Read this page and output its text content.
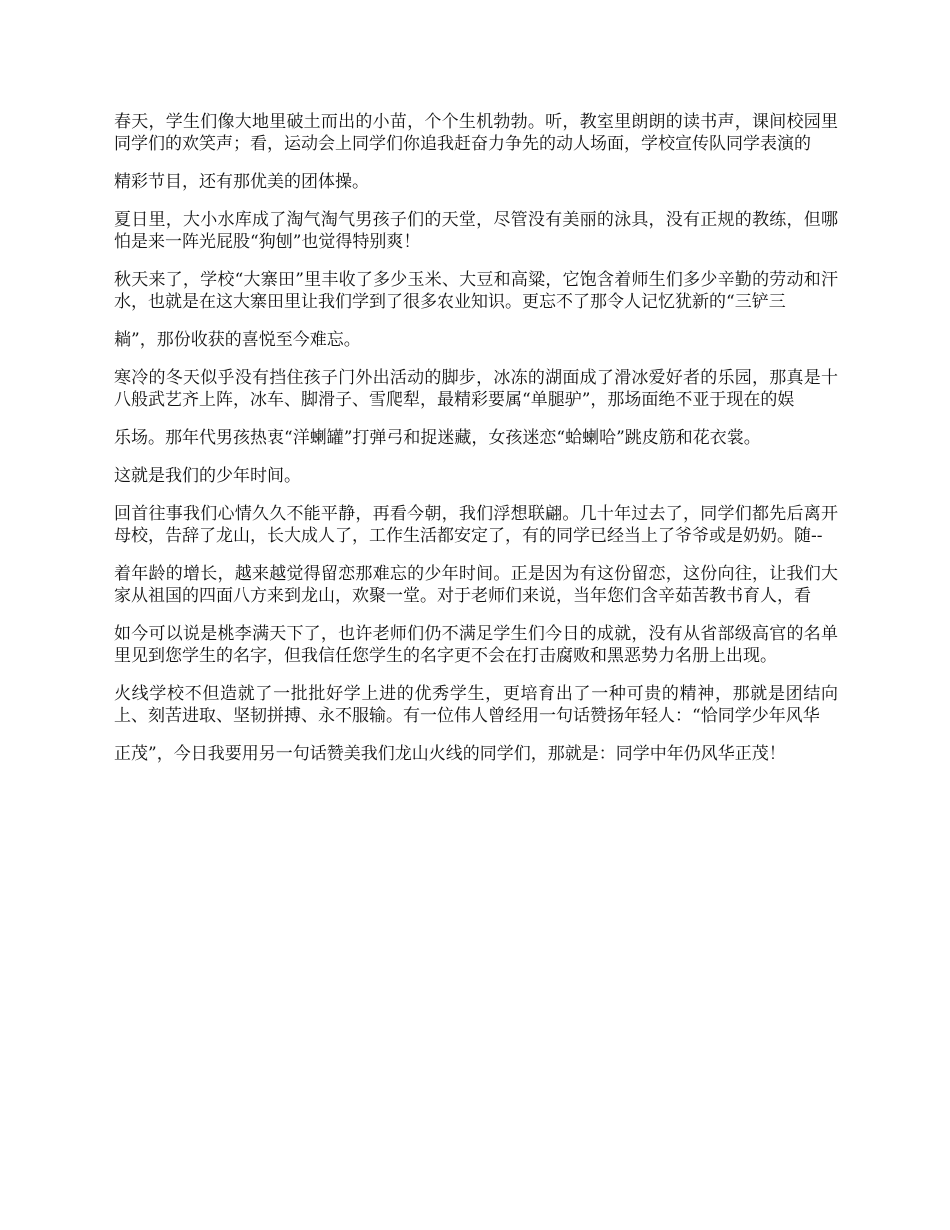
春天，学生们像大地里破土而出的小苗，个个生机勃勃。听，教室里朗朗的读书声，课间校园里同学们的欢笑声；看，运动会上同学们你追我赶奋力争先的动人场面，学校宣传队同学表演的

精彩节目，还有那优美的团体操。

夏日里，大小水库成了淘气淘气男孩子们的天堂，尽管没有美丽的泳具，没有正规的教练，但哪怕是来一阵光屁股“狗刨”也觉得特别爽！

秋天来了，学校“大寨田”里丰收了多少玉米、大豆和高粱，它饱含着师生们多少辛勤的劳动和汗水，也就是在这大寨田里让我们学到了很多农业知识。更忘不了那令人记忆犹新的“三铲三

耥”，那份收获的喜悦至今难忘。

寒冷的冬天似乎没有挡住孩子门外出活动的脚步，冰冻的湖面成了滑冰爱好者的乐园，那真是十八般武艺齐上阵，冰车、脚滑子、雪爬犁，最精彩要属“单腿驴”，那场面绝不亚于现在的娱

乐场。那年代男孩热衷“洋蝲罐”打弹弓和捉迷藏，女孩迷恋“蛤蝲哈”跳皮筋和花衣裳。

这就是我们的少年时间。

回首往事我们心情久久不能平静，再看今朝，我们浮想联翩。几十年过去了，同学们都先后离开母校，告辞了龙山，长大成人了，工作生活都安定了，有的同学已经当上了爷爷或是奶奶。随--

着年龄的增长，越来越觉得留恋那难忘的少年时间。正是因为有这份留恋，这份向往，让我们大家从祖国的四面八方来到龙山，欢聚一堂。对于老师们来说，当年您们含辛茹苦教书育人，看

如今可以说是桃李满天下了，也许老师们仍不满足学生们今日的成就，没有从省部级高官的名单里见到您学生的名字，但我信任您学生的名字更不会在打击腐败和黑恶势力名册上出现。

火线学校不但造就了一批批好学上进的优秀学生，更培育出了一种可贵的精神，那就是团结向上、刻苦进取、坚韧拼搏、永不服输。有一位伟人曾经用一句话赞扬年轻人：“恰同学少年风华

正茂”，今日我要用另一句话赞美我们龙山火线的同学们，那就是：同学中年仍风华正茂！
